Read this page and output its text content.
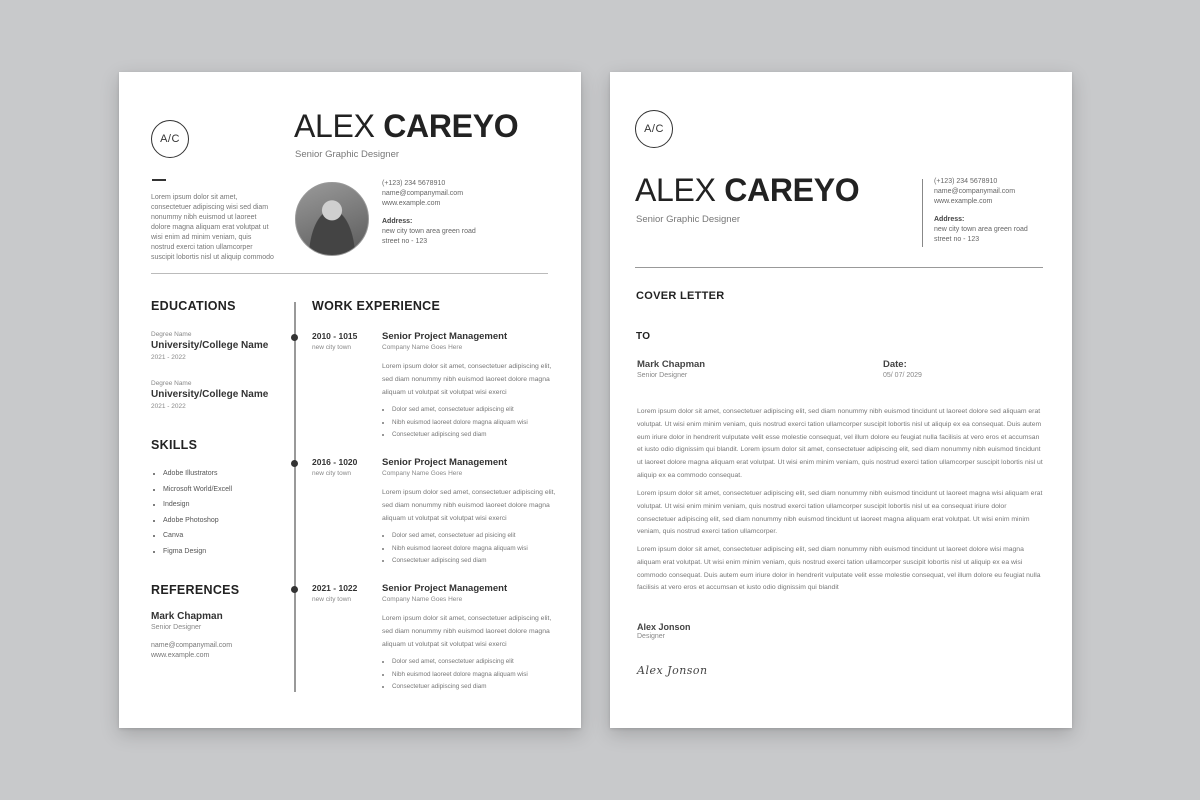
A/C	ALEX CAREYO
Senior Graphic Designer
Lorem ipsum dolor sit amet, consectetuer adipiscing wisi sed diam nonummy nibh euismod ut laoreet dolore magna aliquam erat volutpat ut wisi enim ad minim veniam, quis nostrud exerci tation ullamcorper suscipit lobortis nisl ut aliquip commodo
(+123) 234 5678910
name@companymail.com
www.example.com
Address:
new city town area green road
street no - 123
EDUCATIONS
Degree Name
University/College Name
2021 - 2022
Degree Name
University/College Name
2021 - 2022
SKILLS
• Adobe Illustrators
• Microsoft World/Excell
• Indesign
• Adobe Photoshop
• Canva
• Figma Design
REFERENCES
Mark Chapman
Senior Designer
name@companymail.com
www.example.com
WORK EXPERIENCE
2010 - 1015
new city town
Senior Project Management
Company Name Goes Here
Lorem ipsum dolor sit amet, consectetuer adipiscing elit, sed diam nonummy nibh euismod laoreet dolore magna aliquam ut volutpat sit volutpat wisi exerci
• Dolor sed amet, consectetuer adipiscing elit
• Nibh euismod laoreet dolore magna aliquam wisi
• Consectetuer adipiscing sed diam
2016 - 1020
new city town
Senior Project Management
Company Name Goes Here
Lorem ipsum dolor sed amet, consectetuer adipiscing elit, sed diam nonummy nibh euismod laoreet dolore magna aliquam ut volutpat sit volutpat wisi exerci
• Dolor sed amet, consectetuer ad pisicing elit
• Nibh euismod laoreet dolore magna aliquam wisi
• Consectetuer adipiscing sed diam
2021 - 1022
new city town
Senior Project Management
Company Name Goes Here
Lorem ipsum dolor sit amet, consectetuer adipiscing elit, sed diam nonummy nibh euismod laoreet dolore magna aliquam ut volutpat sit volutpat wisi exerci
• Dolor sed amet, consectetuer adipiscing elit
• Nibh euismod laoreet dolore magna aliquam wisi
• Consectetuer adipiscing sed diam
A/C
ALEX CAREYO
Senior Graphic Designer
(+123) 234 5678910
name@companymail.com
www.example.com
Address:
new city town area green road
street no - 123
COVER LETTER
TO
Mark Chapman
Senior Designer
Date:
05/ 07/ 2029
Lorem ipsum dolor sit amet, consectetuer adipiscing elit, sed diam nonummy nibh euismod tincidunt ut laoreet dolore sed aliquam erat volutpat. Ut wisi enim minim veniam, quis nostrud exerci tation ullamcorper suscipit lobortis nisl ut aliquip ex ea consequat. Duis autem eum iriure dolor in hendrerit vulputate velit esse molestie consequat, vel illum dolore eu feugiat nulla facilisis at vero eros et accumsan et iusto odio dignissim qui blandit. Lorem ipsum dolor sit amet, consectetuer adipiscing elit, sed diam nonummy nibh euismod tincidunt ut laoreet dolore magna aliquam erat volutpat. Ut wisi enim minim veniam, quis nostrud exerci tation ullamcorper suscipit lobortis nisl ut aliquip ex ea commodo consequat.
Lorem ipsum dolor sit amet, consectetuer adipiscing elit, sed diam nonummy nibh euismod tincidunt ut laoreet magna wisi aliquam erat volutpat. Ut wisi enim minim veniam, quis nostrud exerci tation ullamcorper suscipit lobortis nisl ut ea consequat iriure dolor consectetuer adipiscing elit, sed diam nonummy nibh euismod tincidunt ut laoreet magna aliquam erat volutpat. Ut wisi enim minim veniam, quis nostrud exerci tation ullamcorper.
Lorem ipsum dolor sit amet, consectetuer adipiscing elit, sed diam nonummy nibh euismod tincidunt ut laoreet dolore wisi magna aliquam erat volutpat. Ut wisi enim minim veniam, quis nostrud exerci tation ullamcorper suscipit lobortis nisl ut aliquip ex ea wisi commodo consequat. Duis autem eum iriure dolor in hendrerit vulputate velit esse molestie consequat, vel illum dolore eu feugiat nulla facilisis at vero eros et accumsan et iusto odio dignissim qui blandit
Alex Jonson
Designer
Alex Jonson
